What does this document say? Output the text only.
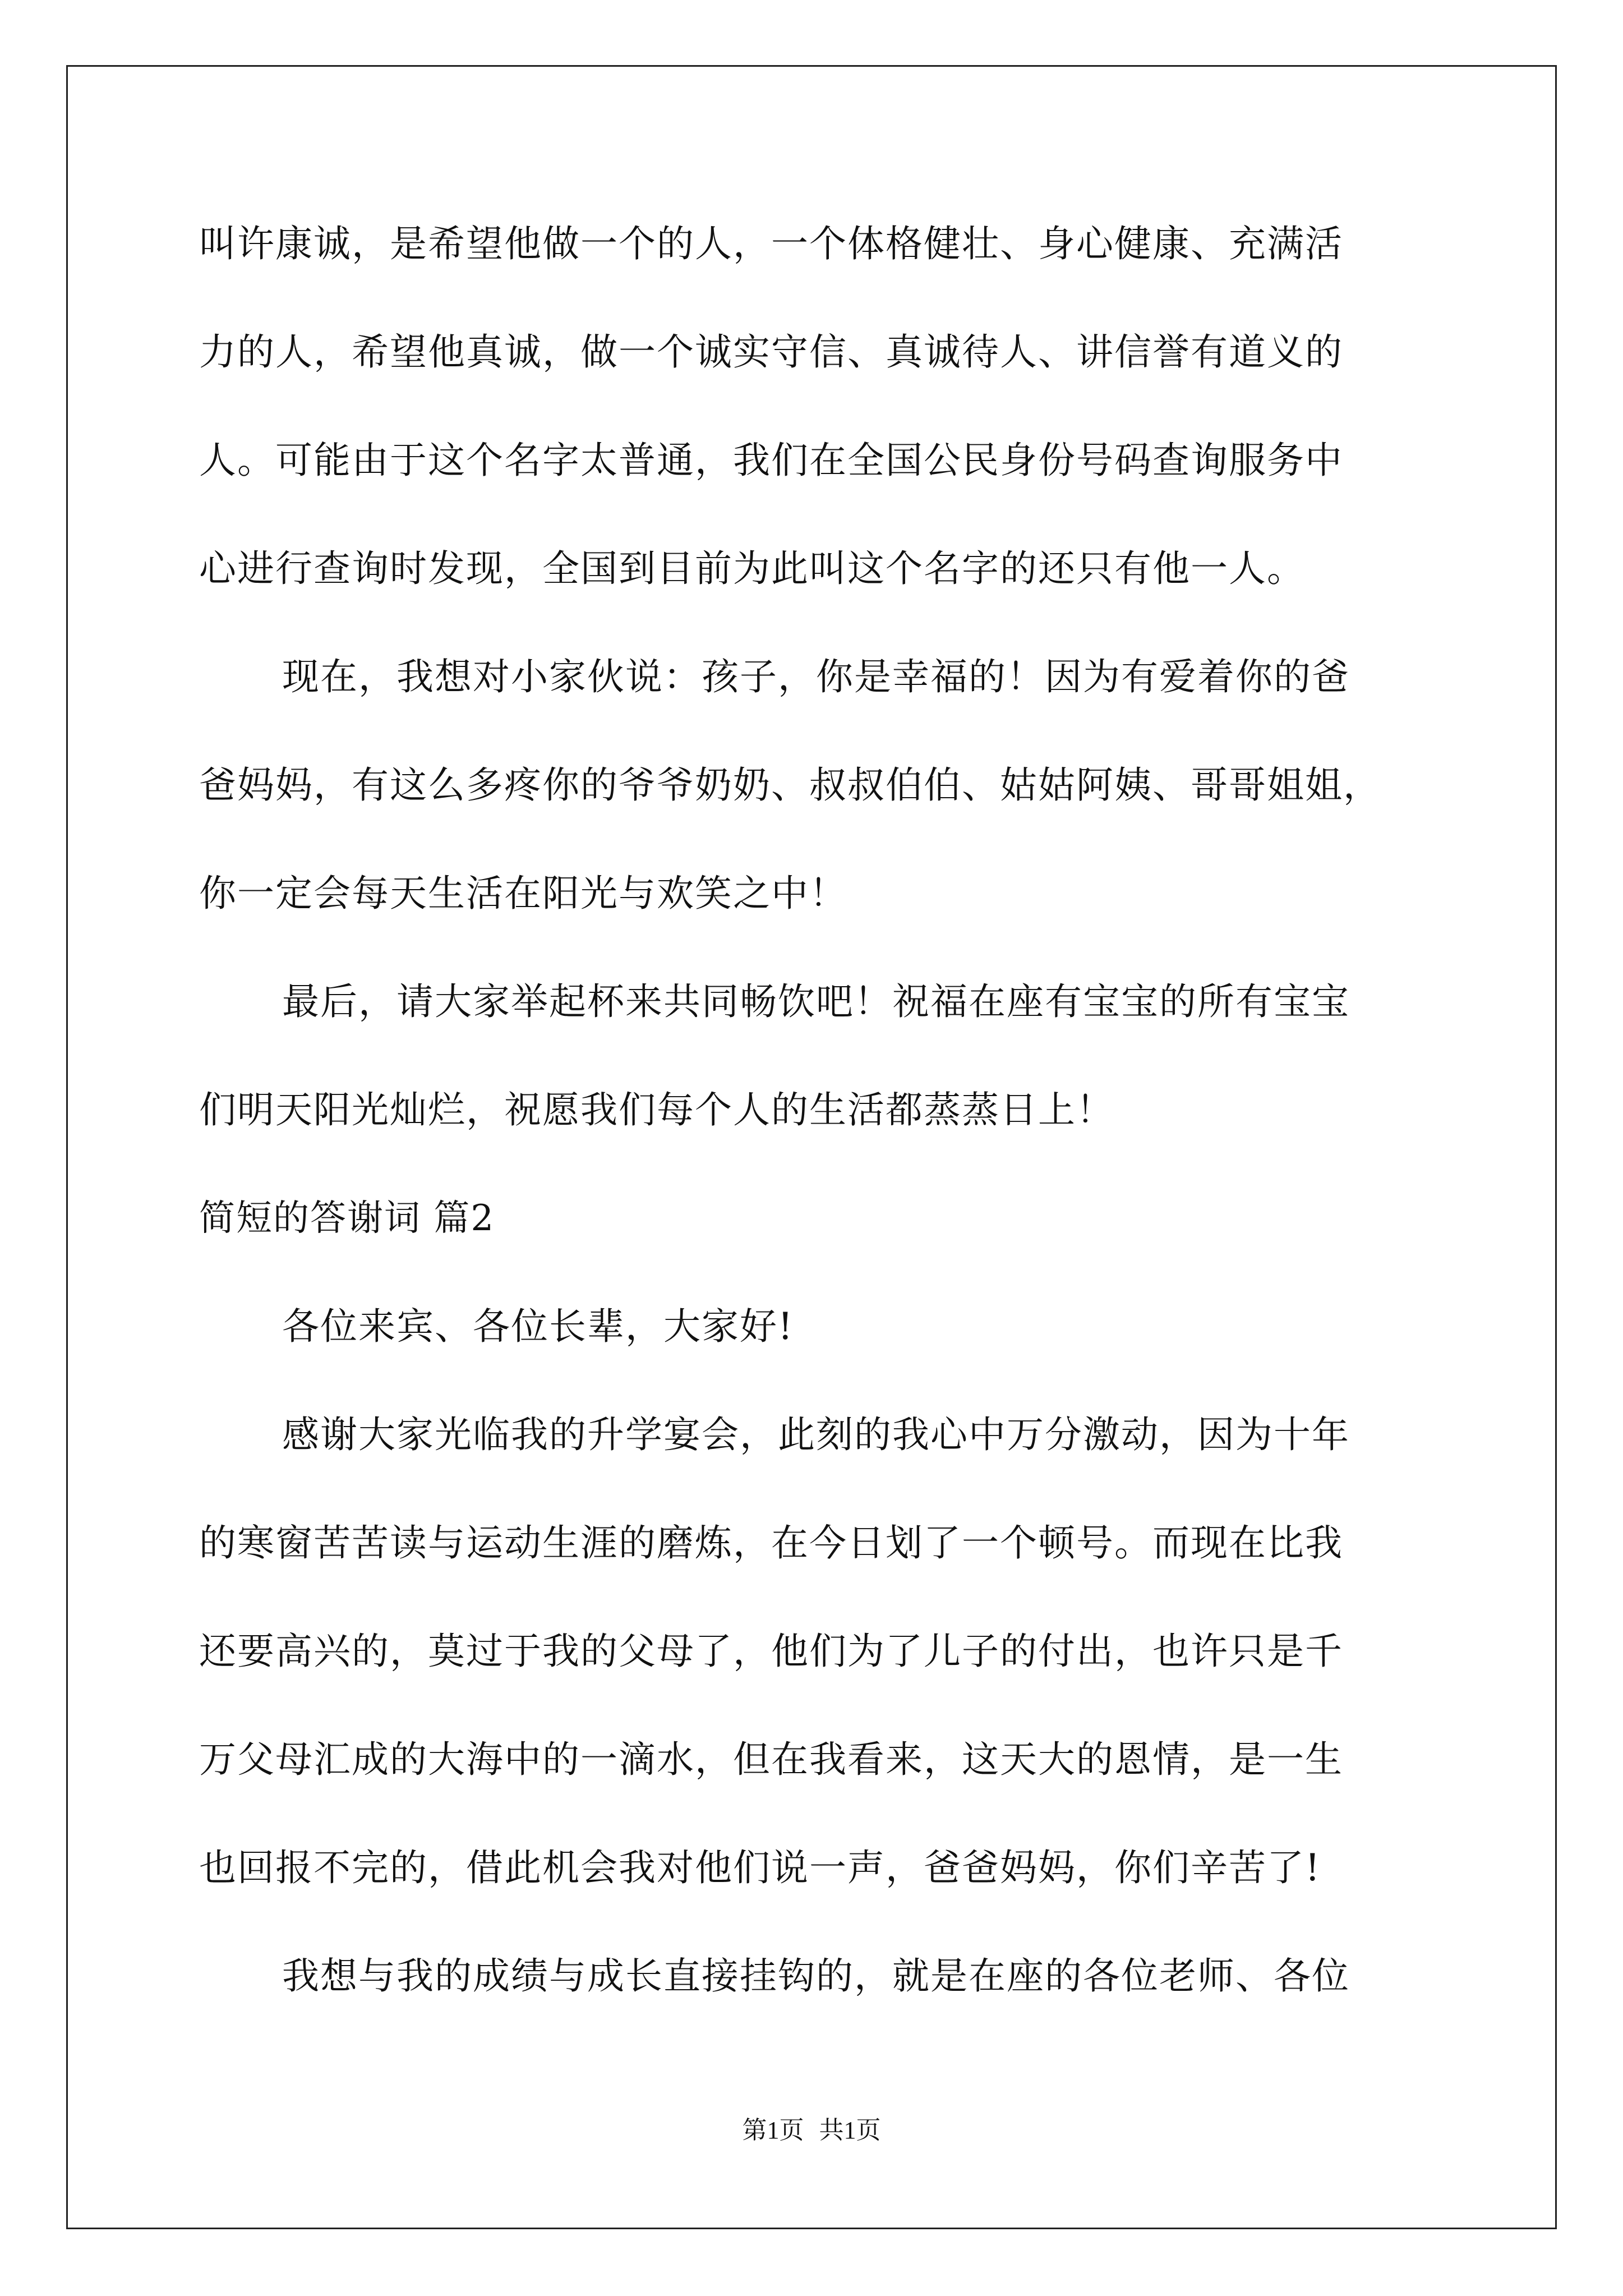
叫许康诚，是希望他做一个的人，一个体格健壮、身心健康、充满活
力的人，希望他真诚，做一个诚实守信、真诚待人、讲信誉有道义的
人。可能由于这个名字太普通，我们在全国公民身份号码查询服务中
心进行查询时发现，全国到目前为此叫这个名字的还只有他一人。
现在，我想对小家伙说：孩子，你是幸福的！因为有爱着你的爸
爸妈妈，有这么多疼你的爷爷奶奶、叔叔伯伯、姑姑阿姨、哥哥姐姐，
你一定会每天生活在阳光与欢笑之中！
最后，请大家举起杯来共同畅饮吧！祝福在座有宝宝的所有宝宝
们明天阳光灿烂，祝愿我们每个人的生活都蒸蒸日上！
简短的答谢词 篇2
各位来宾、各位长辈，大家好!
感谢大家光临我的升学宴会，此刻的我心中万分激动，因为十年
的寒窗苦苦读与运动生涯的磨炼，在今日划了一个顿号。而现在比我
还要高兴的，莫过于我的父母了，他们为了儿子的付出，也许只是千
万父母汇成的大海中的一滴水，但在我看来，这天大的恩情，是一生
也回报不完的，借此机会我对他们说一声，爸爸妈妈，你们辛苦了!
我想与我的成绩与成长直接挂钩的，就是在座的各位老师、各位
第1页 共1页
